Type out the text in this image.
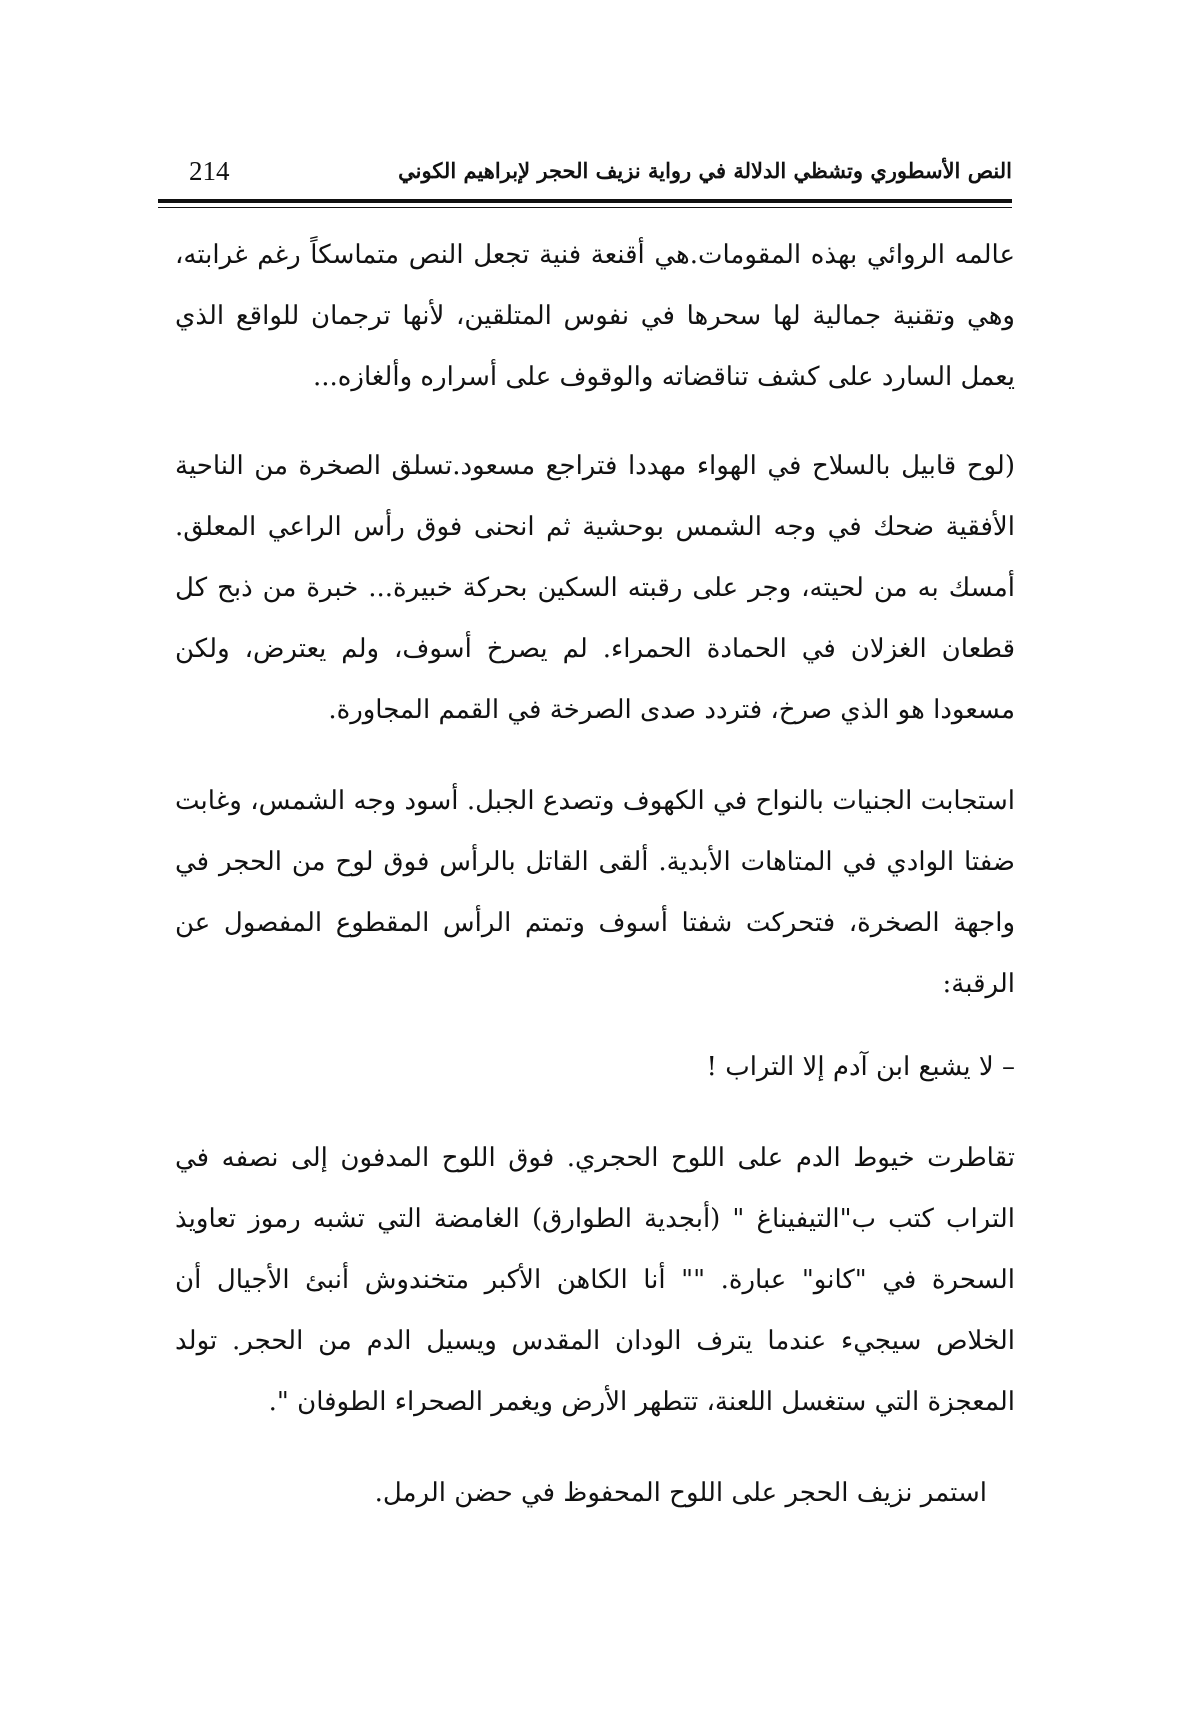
214	النص الأسطوري وتشظي الدلالة في رواية نزيف الحجر لإبراهيم الكوني

عالمه الروائي بهذه المقومات.هي أقنعة فنية تجعل النص متماسكاً رغم غرابته، وهي وتقنية جمالية لها سحرها في نفوس المتلقين، لأنها ترجمان للواقع الذي يعمل السارد على كشف تناقضاته والوقوف على أسراره وألغازه...

(لوح قابيل بالسلاح في الهواء مهددا فتراجع مسعود.تسلق الصخرة من الناحية الأفقية ضحك في وجه الشمس بوحشية ثم انحنى فوق رأس الراعي المعلق. أمسك به من لحيته، وجر على رقبته السكين بحركة خبيرة... خبرة من ذبح كل قطعان الغزلان في الحمادة الحمراء. لم يصرخ أسوف، ولم يعترض، ولكن مسعودا هو الذي صرخ، فتردد صدى الصرخة في القمم المجاورة.

استجابت الجنيات بالنواح في الكهوف وتصدع الجبل. أسود وجه الشمس، وغابت ضفتا الوادي في المتاهات الأبدية. ألقى القاتل بالرأس فوق لوح من الحجر في واجهة الصخرة، فتحركت شفتا أسوف وتمتم الرأس المقطوع المفصول عن الرقبة:

– لا يشبع ابن آدم إلا التراب !

تقاطرت خيوط الدم على اللوح الحجري. فوق اللوح المدفون إلى نصفه في التراب كتب ب"التيفيناغ " (أبجدية الطوارق) الغامضة التي تشبه رموز تعاويذ السحرة في "كانو" عبارة. "" أنا الكاهن الأكبر متخندوش أنبئ الأجيال أن الخلاص سيجيء عندما يترف الودان المقدس ويسيل الدم من الحجر. تولد المعجزة التي ستغسل اللعنة، تتطهر الأرض ويغمر الصحراء الطوفان ".

استمر نزيف الحجر على اللوح المحفوظ في حضن الرمل.
